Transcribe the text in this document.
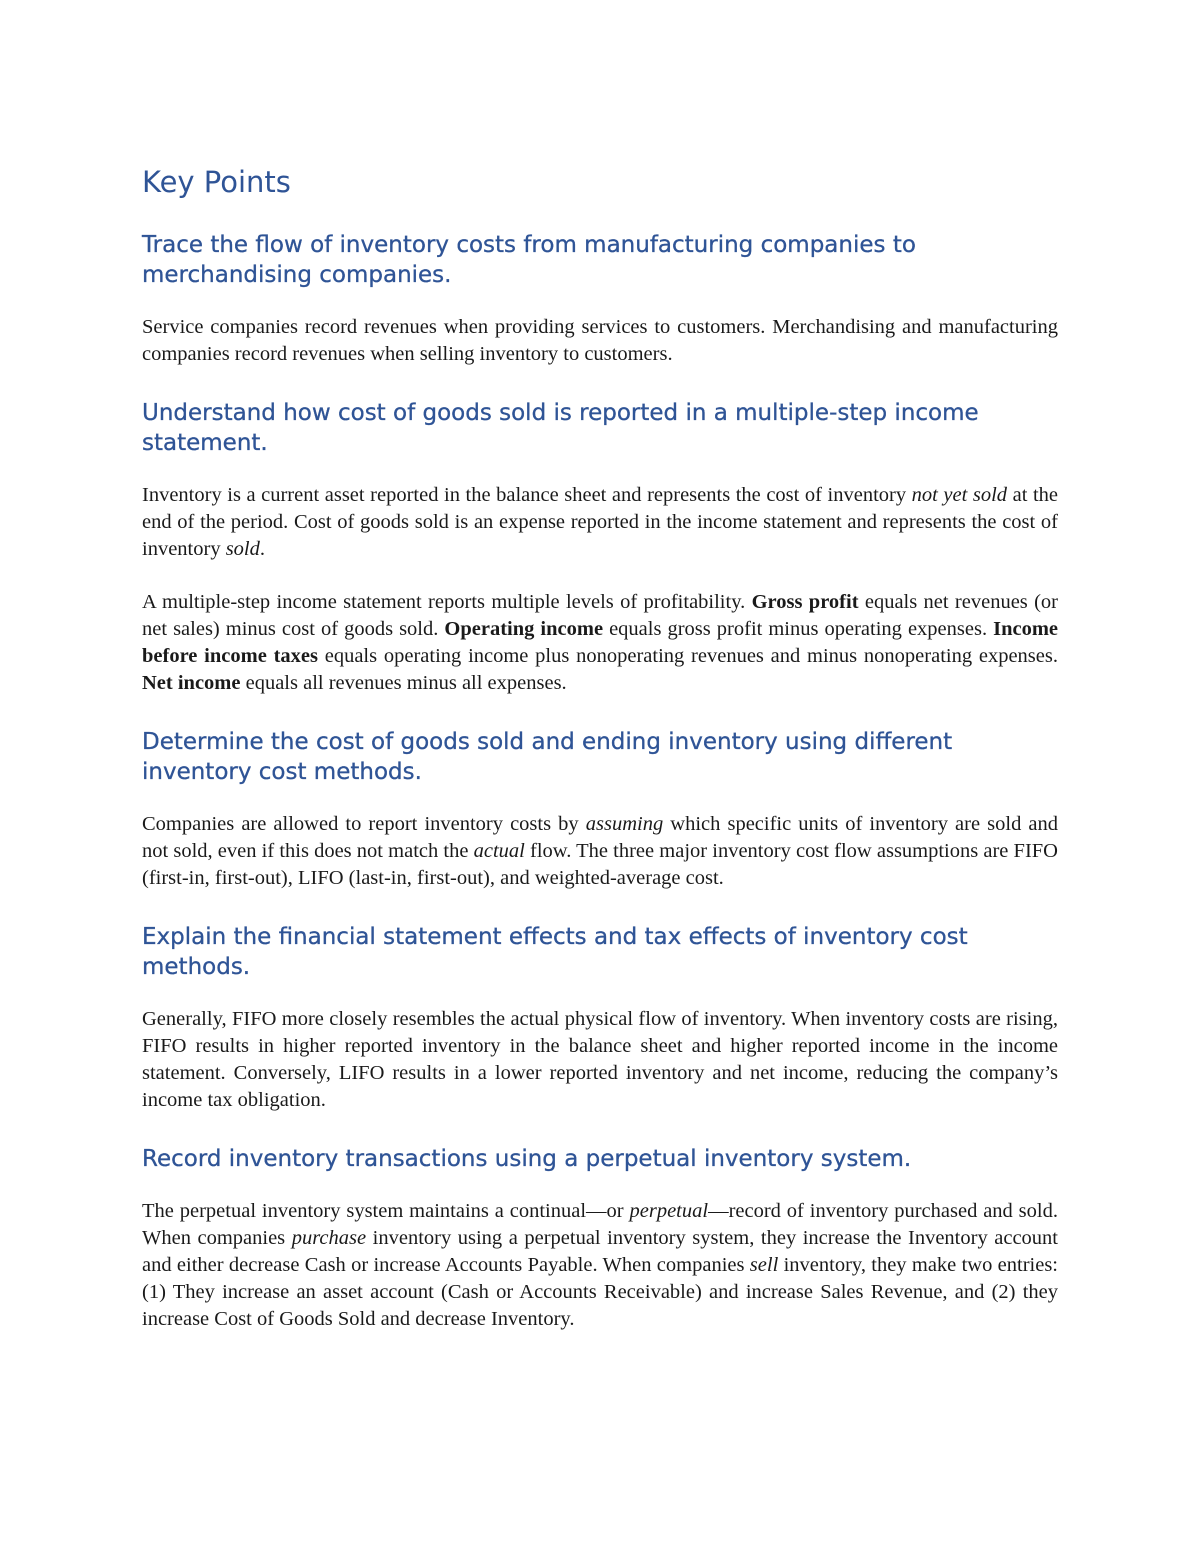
Key Points
Trace the flow of inventory costs from manufacturing companies to merchandising companies.

Service companies record revenues when providing services to customers. Merchandising and manufacturing companies record revenues when selling inventory to customers.

Understand how cost of goods sold is reported in a multiple-step income statement.

Inventory is a current asset reported in the balance sheet and represents the cost of inventory not yet sold at the end of the period. Cost of goods sold is an expense reported in the income statement and represents the cost of inventory sold.

A multiple-step income statement reports multiple levels of profitability. Gross profit equals net revenues (or net sales) minus cost of goods sold. Operating income equals gross profit minus operating expenses. Income before income taxes equals operating income plus nonoperating revenues and minus nonoperating expenses. Net income equals all revenues minus all expenses.

Determine the cost of goods sold and ending inventory using different inventory cost methods.

Companies are allowed to report inventory costs by assuming which specific units of inventory are sold and not sold, even if this does not match the actual flow. The three major inventory cost flow assumptions are FIFO (first-in, first-out), LIFO (last-in, first-out), and weighted-average cost.

Explain the financial statement effects and tax effects of inventory cost methods.

Generally, FIFO more closely resembles the actual physical flow of inventory. When inventory costs are rising, FIFO results in higher reported inventory in the balance sheet and higher reported income in the income statement. Conversely, LIFO results in a lower reported inventory and net income, reducing the company’s income tax obligation.

Record inventory transactions using a perpetual inventory system.

The perpetual inventory system maintains a continual—or perpetual—record of inventory purchased and sold. When companies purchase inventory using a perpetual inventory system, they increase the Inventory account and either decrease Cash or increase Accounts Payable. When companies sell inventory, they make two entries: (1) They increase an asset account (Cash or Accounts Receivable) and increase Sales Revenue, and (2) they increase Cost of Goods Sold and decrease Inventory.
